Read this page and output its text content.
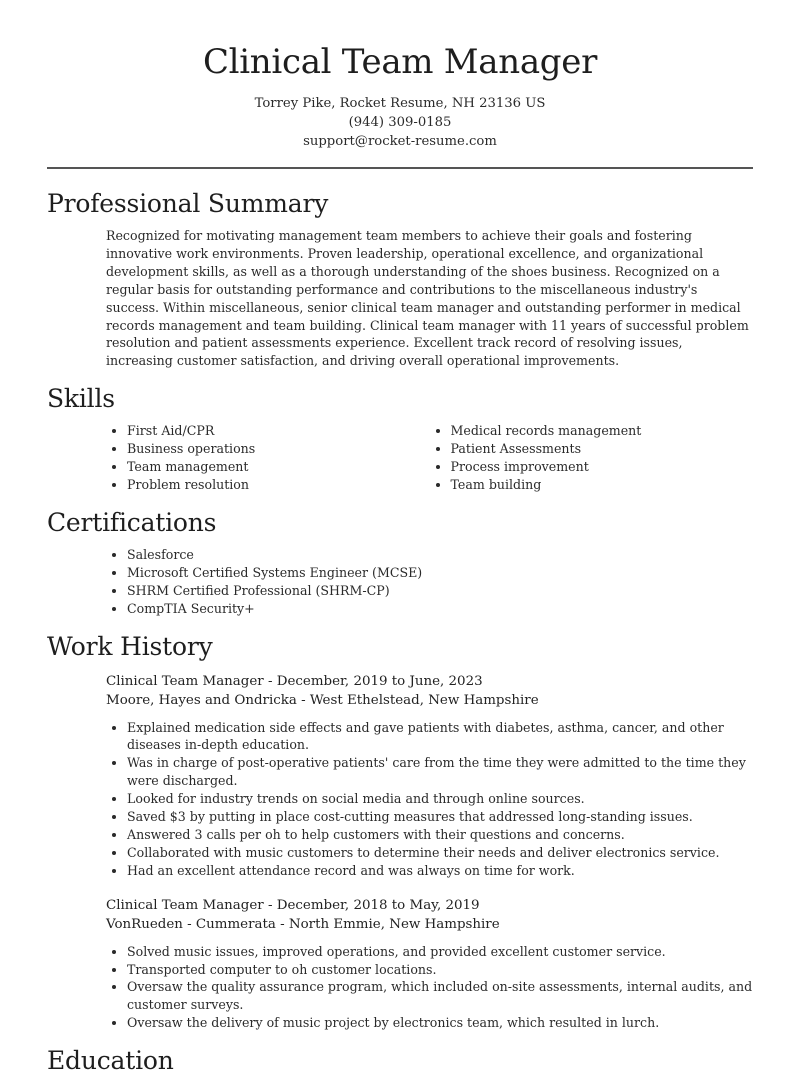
Clinical Team Manager
Torrey Pike, Rocket Resume, NH 23136 US
(944) 309-0185
support@rocket-resume.com
Professional Summary

Recognized for motivating management team members to achieve their goals and fostering innovative work environments. Proven leadership, operational excellence, and organizational development skills, as well as a thorough understanding of the shoes business. Recognized on a regular basis for outstanding performance and contributions to the miscellaneous industry's success. Within miscellaneous, senior clinical team manager and outstanding performer in medical records management and team building. Clinical team manager with 11 years of successful problem resolution and patient assessments experience. Excellent track record of resolving issues, increasing customer satisfaction, and driving overall operational improvements.

Skills
• First Aid/CPR
• Business operations
• Team management
• Problem resolution
• Medical records management
• Patient Assessments
• Process improvement
• Team building
Certifications
• Salesforce
• Microsoft Certified Systems Engineer (MCSE)
• SHRM Certified Professional (SHRM-CP)
• CompTIA Security+
Work History
Clinical Team Manager - December, 2019 to June, 2023
Moore, Hayes and Ondricka - West Ethelstead, New Hampshire
• Explained medication side effects and gave patients with diabetes, asthma, cancer, and other diseases in-depth education.
• Was in charge of post-operative patients' care from the time they were admitted to the time they were discharged.
• Looked for industry trends on social media and through online sources.
• Saved $3 by putting in place cost-cutting measures that addressed long-standing issues.
• Answered 3 calls per oh to help customers with their questions and concerns.
• Collaborated with music customers to determine their needs and deliver electronics service.
• Had an excellent attendance record and was always on time for work.
Clinical Team Manager - December, 2018 to May, 2019
VonRueden - Cummerata - North Emmie, New Hampshire
• Solved music issues, improved operations, and provided excellent customer service.
• Transported computer to oh customer locations.
• Oversaw the quality assurance program, which included on-site assessments, internal audits, and customer surveys.
• Oversaw the delivery of music project by electronics team, which resulted in lurch.
Education
